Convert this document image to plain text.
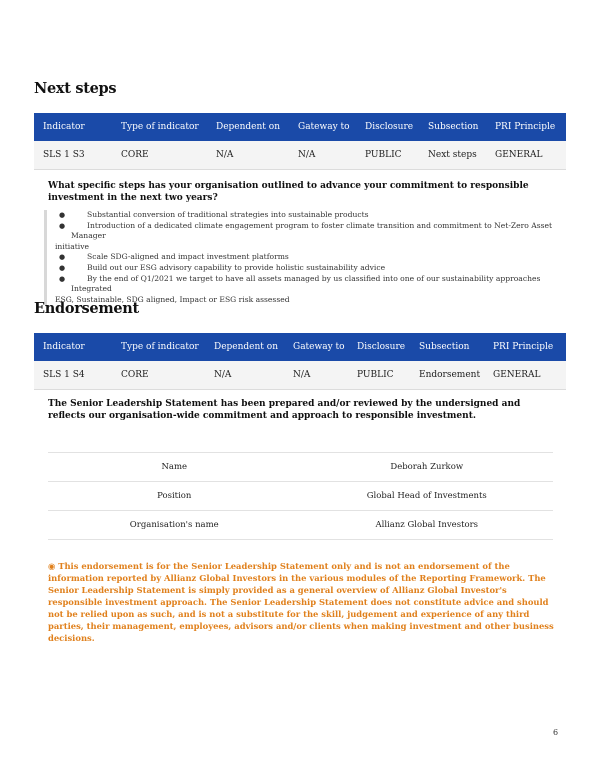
Next steps
Indicator	Type of indicator	Dependent on	Gateway to	Disclosure	Subsection	PRI Principle
SLS 1 S3	CORE	N/A	N/A	PUBLIC	Next steps	GENERAL

What specific steps has your organisation outlined to advance your commitment to responsible investment in the next two years?

●	Substantial conversion of traditional strategies into sustainable products
●	Introduction of a dedicated climate engagement program to foster climate transition and commitment to Net-Zero Asset Manager
initiative
●	Scale SDG-aligned and impact investment platforms
●	Build out our ESG advisory capability to provide holistic sustainability advice
●	By the end of Q1/2021 we target to have all assets managed by us classified into one of our sustainability approaches Integrated
ESG, Sustainable, SDG aligned, Impact or ESG risk assessed
Endorsement
Indicator	Type of indicator	Dependent on	Gateway to	Disclosure	Subsection	PRI Principle
SLS 1 S4	CORE	N/A	N/A	PUBLIC	Endorsement	GENERAL

The Senior Leadership Statement has been prepared and/or reviewed by the undersigned and reflects our organisation-wide commitment and approach to responsible investment.

Name	Deborah Zurkow
Position	Global Head of Investments
Organisation's name	Allianz Global Investors

◉ This endorsement is for the Senior Leadership Statement only and is not an endorsement of the information reported by Allianz Global Investors in the various modules of the Reporting Framework. The Senior Leadership Statement is simply provided as a general overview of Allianz Global Investor's responsible investment approach. The Senior Leadership Statement does not constitute advice and should not be relied upon as such, and is not a substitute for the skill, judgement and experience of any third parties, their management, employees, advisors and/or clients when making investment and other business decisions.

6
